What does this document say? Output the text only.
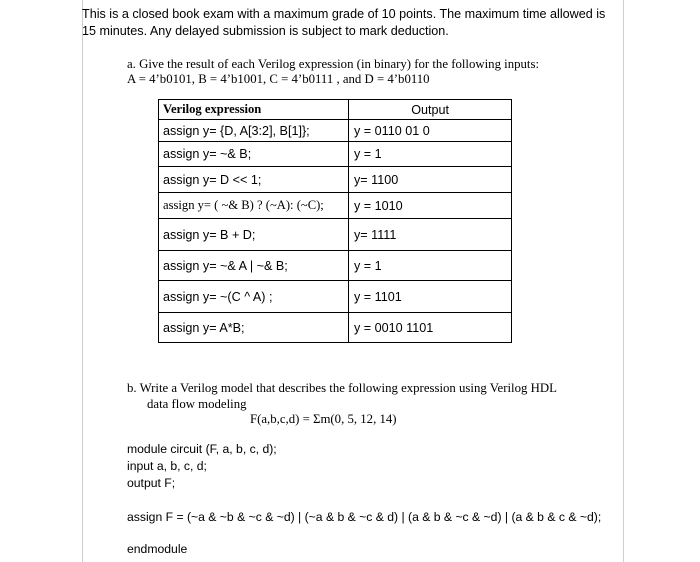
This is a closed book exam with a maximum grade of 10 points. The maximum time allowed is
15 minutes. Any delayed submission is subject to mark deduction.
a. Give the result of each Verilog expression (in binary) for the following inputs:
A = 4’b0101, B = 4’b1001, C = 4’b0111 , and D = 4’b0110
Verilog expression	Output
assign y= {D, A[3:2], B[1]};	y = 0110 01 0
assign y= ~& B;	y = 1
assign y= D << 1;	y= 1100
assign y= ( ~& B) ? (~A): (~C);	y = 1010
assign y= B + D;	y= 1111
assign y= ~& A | ~& B;	y = 1
assign y= ~(C ^ A) ;	y = 1101
assign y= A*B;	y = 0010 1101
b. Write a Verilog model that describes the following expression using Verilog HDL
data flow modeling
F(a,b,c,d) = Σm(0, 5, 12, 14)
module circuit (F, a, b, c, d);
input a, b, c, d;
output F;
assign F = (~a & ~b & ~c & ~d) | (~a & b & ~c & d) | (a & b & ~c & ~d) | (a & b & c & ~d);
endmodule
